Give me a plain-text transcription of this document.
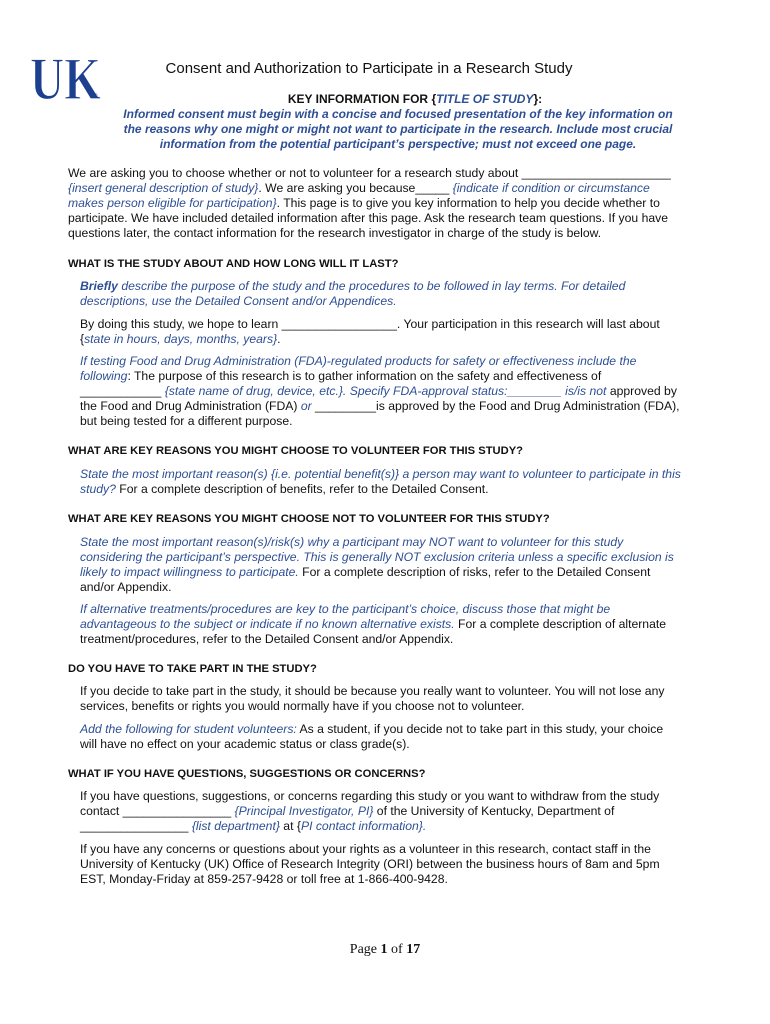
UK
®
Consent and Authorization to Participate in a Research Study
KEY INFORMATION FOR {TITLE OF STUDY}:
Informed consent must begin with a concise and focused presentation of the key information on
the reasons why one might or might not want to participate in the research. Include most crucial
information from the potential participant’s perspective; must not exceed one page.
We are asking you to choose whether or not to volunteer for a research study about ______________________
{insert general description of study}. We are asking you because_____ {indicate if condition or circumstance
makes person eligible for participation}. This page is to give you key information to help you decide whether to
participate. We have included detailed information after this page. Ask the research team questions. If you have
questions later, the contact information for the research investigator in charge of the study is below.
WHAT IS THE STUDY ABOUT AND HOW LONG WILL IT LAST?
Briefly describe the purpose of the study and the procedures to be followed in lay terms. For detailed
descriptions, use the Detailed Consent and/or Appendices.
By doing this study, we hope to learn _________________. Your participation in this research will last about
{state in hours, days, months, years}.
If testing Food and Drug Administration (FDA)-regulated products for safety or effectiveness include the
following: The purpose of this research is to gather information on the safety and effectiveness of
____________ {state name of drug, device, etc.}. Specify FDA-approval status:________ is/is not approved by
the Food and Drug Administration (FDA) or _________is approved by the Food and Drug Administration (FDA),
but being tested for a different purpose.
WHAT ARE KEY REASONS YOU MIGHT CHOOSE TO VOLUNTEER FOR THIS STUDY?
State the most important reason(s) {i.e. potential benefit(s)} a person may want to volunteer to participate in this
study? For a complete description of benefits, refer to the Detailed Consent.
WHAT ARE KEY REASONS YOU MIGHT CHOOSE NOT TO VOLUNTEER FOR THIS STUDY?
State the most important reason(s)/risk(s) why a participant may NOT want to volunteer for this study
considering the participant’s perspective. This is generally NOT exclusion criteria unless a specific exclusion is
likely to impact willingness to participate. For a complete description of risks, refer to the Detailed Consent
and/or Appendix.
If alternative treatments/procedures are key to the participant’s choice, discuss those that might be
advantageous to the subject or indicate if no known alternative exists. For a complete description of alternate
treatment/procedures, refer to the Detailed Consent and/or Appendix.
DO YOU HAVE TO TAKE PART IN THE STUDY?
If you decide to take part in the study, it should be because you really want to volunteer. You will not lose any
services, benefits or rights you would normally have if you choose not to volunteer.
Add the following for student volunteers: As a student, if you decide not to take part in this study, your choice
will have no effect on your academic status or class grade(s).
WHAT IF YOU HAVE QUESTIONS, SUGGESTIONS OR CONCERNS?
If you have questions, suggestions, or concerns regarding this study or you want to withdraw from the study
contact ________________ {Principal Investigator, PI} of the University of Kentucky, Department of
________________ {list department} at {PI contact information}.
If you have any concerns or questions about your rights as a volunteer in this research, contact staff in the
University of Kentucky (UK) Office of Research Integrity (ORI) between the business hours of 8am and 5pm
EST, Monday-Friday at 859-257-9428 or toll free at 1-866-400-9428.
Page 1 of 17
